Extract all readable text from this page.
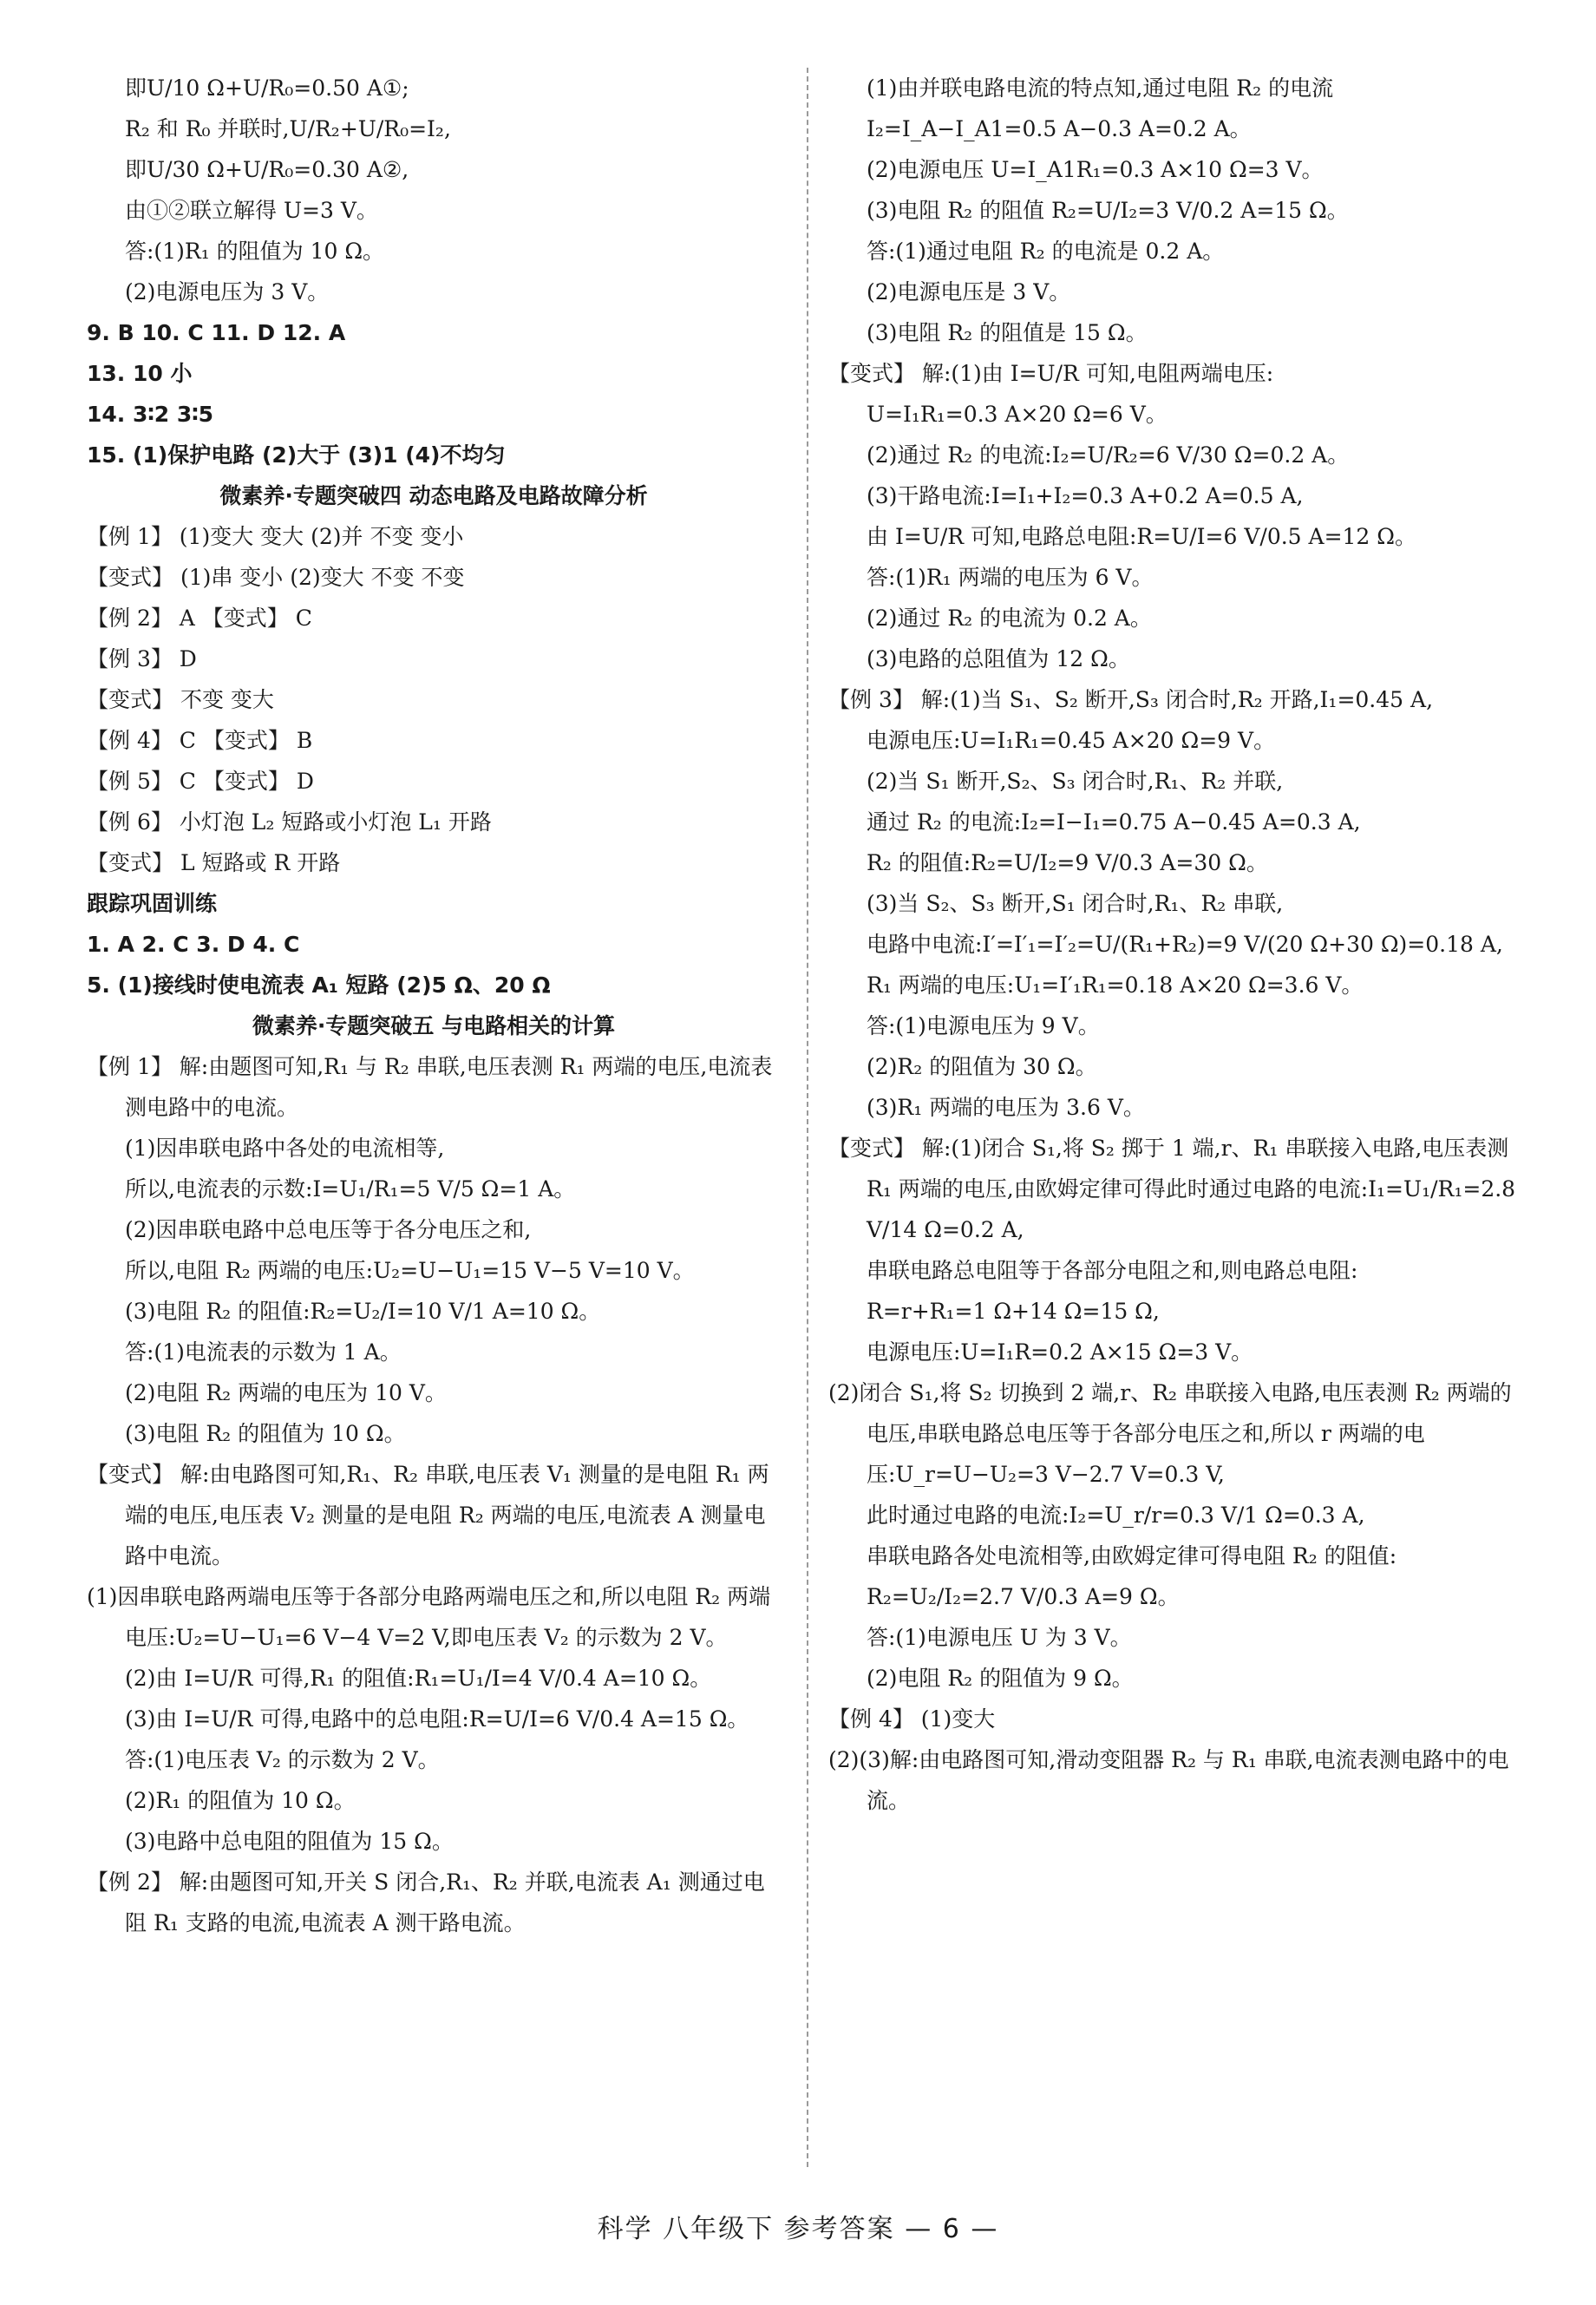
即U/10 Ω+U/R₀=0.50 A①;
R₂ 和 R₀ 并联时,U/R₂+U/R₀=I₂,
即U/30 Ω+U/R₀=0.30 A②,
由①②联立解得 U=3 V。
答:(1)R₁ 的阻值为 10 Ω。
(2)电源电压为 3 V。
9. B 10. C 11. D 12. A
13. 10 小
14. 3∶2 3∶5
15. (1)保护电路 (2)大于 (3)1 (4)不均匀
微素养·专题突破四 动态电路及电路故障分析
【例 1】 (1)变大 变大 (2)并 不变 变小
【变式】 (1)串 变小 (2)变大 不变 不变
【例 2】 A 【变式】 C
【例 3】 D
【变式】 不变 变大
【例 4】 C 【变式】 B
【例 5】 C 【变式】 D
【例 6】 小灯泡 L₂ 短路或小灯泡 L₁ 开路
【变式】 L 短路或 R 开路
跟踪巩固训练
1. A 2. C 3. D 4. C
5. (1)接线时使电流表 A₁ 短路 (2)5 Ω、20 Ω
微素养·专题突破五 与电路相关的计算
【例 1】 解:由题图可知,R₁ 与 R₂ 串联,电压表测 R₁ 两端的电压,电流表测电路中的电流。
(1)因串联电路中各处的电流相等,
所以,电流表的示数:I=U₁/R₁=5 V/5 Ω=1 A。
(2)因串联电路中总电压等于各分电压之和,
所以,电阻 R₂ 两端的电压:U₂=U−U₁=15 V−5 V=10 V。
(3)电阻 R₂ 的阻值:R₂=U₂/I=10 V/1 A=10 Ω。
答:(1)电流表的示数为 1 A。
(2)电阻 R₂ 两端的电压为 10 V。
(3)电阻 R₂ 的阻值为 10 Ω。
【变式】 解:由电路图可知,R₁、R₂ 串联,电压表 V₁ 测量的是电阻 R₁ 两端的电压,电压表 V₂ 测量的是电阻 R₂ 两端的电压,电流表 A 测量电路中电流。
(1)因串联电路两端电压等于各部分电路两端电压之和,所以电阻 R₂ 两端电压:U₂=U−U₁=6 V−4 V=2 V,即电压表 V₂ 的示数为 2 V。
(2)由 I=U/R 可得,R₁ 的阻值:R₁=U₁/I=4 V/0.4 A=10 Ω。
(3)由 I=U/R 可得,电路中的总电阻:R=U/I=6 V/0.4 A=15 Ω。
答:(1)电压表 V₂ 的示数为 2 V。
(2)R₁ 的阻值为 10 Ω。
(3)电路中总电阻的阻值为 15 Ω。
【例 2】 解:由题图可知,开关 S 闭合,R₁、R₂ 并联,电流表 A₁ 测通过电阻 R₁ 支路的电流,电流表 A 测干路电流。
(1)由并联电路电流的特点知,通过电阻 R₂ 的电流
I₂=I_A−I_A1=0.5 A−0.3 A=0.2 A。
(2)电源电压 U=I_A1R₁=0.3 A×10 Ω=3 V。
(3)电阻 R₂ 的阻值 R₂=U/I₂=3 V/0.2 A=15 Ω。
答:(1)通过电阻 R₂ 的电流是 0.2 A。
(2)电源电压是 3 V。
(3)电阻 R₂ 的阻值是 15 Ω。
【变式】 解:(1)由 I=U/R 可知,电阻两端电压:
U=I₁R₁=0.3 A×20 Ω=6 V。
(2)通过 R₂ 的电流:I₂=U/R₂=6 V/30 Ω=0.2 A。
(3)干路电流:I=I₁+I₂=0.3 A+0.2 A=0.5 A,
由 I=U/R 可知,电路总电阻:R=U/I=6 V/0.5 A=12 Ω。
答:(1)R₁ 两端的电压为 6 V。
(2)通过 R₂ 的电流为 0.2 A。
(3)电路的总阻值为 12 Ω。
【例 3】 解:(1)当 S₁、S₂ 断开,S₃ 闭合时,R₂ 开路,I₁=0.45 A,
电源电压:U=I₁R₁=0.45 A×20 Ω=9 V。
(2)当 S₁ 断开,S₂、S₃ 闭合时,R₁、R₂ 并联,
通过 R₂ 的电流:I₂=I−I₁=0.75 A−0.45 A=0.3 A,
R₂ 的阻值:R₂=U/I₂=9 V/0.3 A=30 Ω。
(3)当 S₂、S₃ 断开,S₁ 闭合时,R₁、R₂ 串联,
电路中电流:I′=I′₁=I′₂=U/(R₁+R₂)=9 V/(20 Ω+30 Ω)=0.18 A,
R₁ 两端的电压:U₁=I′₁R₁=0.18 A×20 Ω=3.6 V。
答:(1)电源电压为 9 V。
(2)R₂ 的阻值为 30 Ω。
(3)R₁ 两端的电压为 3.6 V。
【变式】 解:(1)闭合 S₁,将 S₂ 掷于 1 端,r、R₁ 串联接入电路,电压表测 R₁ 两端的电压,由欧姆定律可得此时通过电路的电流:I₁=U₁/R₁=2.8 V/14 Ω=0.2 A,
串联电路总电阻等于各部分电阻之和,则电路总电阻:
R=r+R₁=1 Ω+14 Ω=15 Ω,
电源电压:U=I₁R=0.2 A×15 Ω=3 V。
(2)闭合 S₁,将 S₂ 切换到 2 端,r、R₂ 串联接入电路,电压表测 R₂ 两端的电压,串联电路总电压等于各部分电压之和,所以 r 两端的电压:U_r=U−U₂=3 V−2.7 V=0.3 V,
此时通过电路的电流:I₂=U_r/r=0.3 V/1 Ω=0.3 A,
串联电路各处电流相等,由欧姆定律可得电阻 R₂ 的阻值:
R₂=U₂/I₂=2.7 V/0.3 A=9 Ω。
答:(1)电源电压 U 为 3 V。
(2)电阻 R₂ 的阻值为 9 Ω。
【例 4】 (1)变大
(2)(3)解:由电路图可知,滑动变阻器 R₂ 与 R₁ 串联,电流表测电路中的电流。
科学 八年级下 参考答案 — 6 —
